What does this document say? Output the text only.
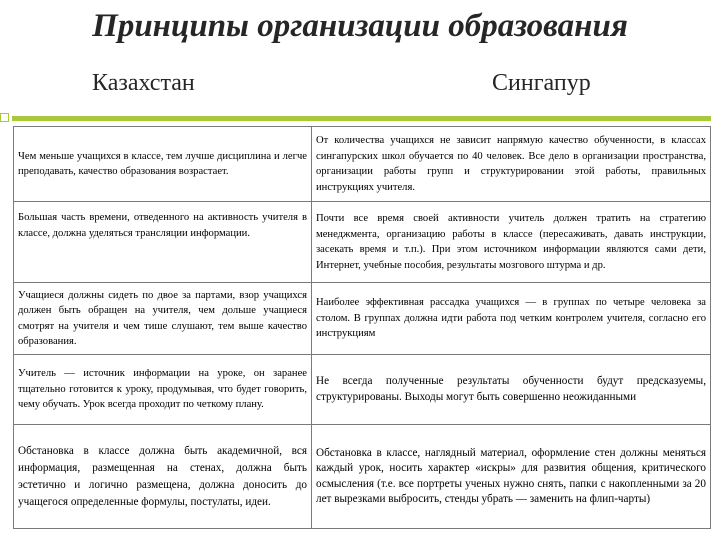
Принципы организации образования
Казахстан	Сингапур
Чем меньше учащихся в классе, тем лучше дисциплина и легче преподавать, качество образования возрастает.	От количества учащихся не зависит напрямую качество обученности, в классах сингапурских школ обучается по 40 человек. Все дело в организации пространства, организации работы групп и структурировании этой работы, правильных инструкциях учителя.
Большая часть времени, отведенного на активность учителя в классе, должна уделяться трансляции информации.	Почти все время своей активности учитель должен тратить на стратегию менеджмента, организацию работы в классе (пересаживать, давать инструкции, засекать время и т.п.). При этом источником информации являются сами дети, Интернет, учебные пособия, результаты мозгового штурма и др.
Учащиеся должны сидеть по двое за партами, взор учащихся должен быть обращен на учителя, чем дольше учащиеся смотрят на учителя и чем тише слушают, тем выше качество образования.	Наиболее эффективная рассадка учащихся — в группах по четыре человека за столом. В группах должна идти работа под четким контролем учителя, согласно его инструкциям
Учитель — источник информации на уроке, он заранее тщательно готовится к уроку, продумывая, что будет говорить, чему обучать. Урок всегда проходит по четкому плану.	Не всегда полученные результаты обученности будут предсказуемы, структурированы. Выходы могут быть совершенно неожиданными
Обстановка в классе должна быть академичной, вся информация, размещенная на стенах, должна быть эстетично и логично размещена, должна доносить до учащегося определенные формулы, постулаты, идеи.	Обстановка в классе, наглядный материал, оформление стен должны меняться каждый урок, носить характер «искры» для развития общения, критического осмысления (т.е. все портреты ученых нужно снять, папки с накопленными за 20 лет вырезками выбросить, стенды убрать — заменить на флип-чарты)
